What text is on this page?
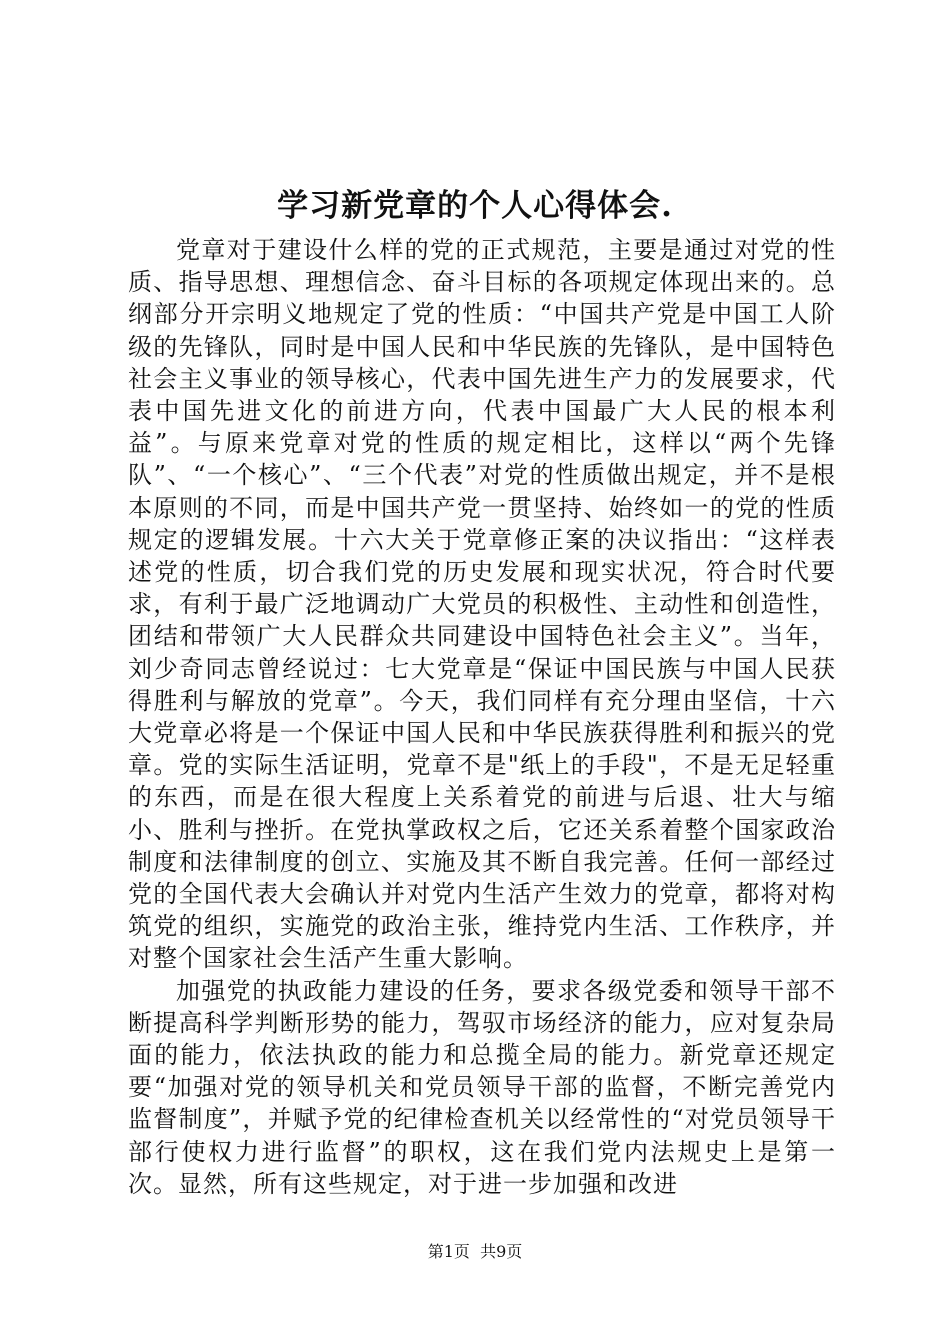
学习新党章的个人心得体会.

党章对于建设什么样的党的正式规范，主要是通过对党的性质、指导思想、理想信念、奋斗目标的各项规定体现出来的。总纲部分开宗明义地规定了党的性质：“中国共产党是中国工人阶级的先锋队，同时是中国人民和中华民族的先锋队，是中国特色社会主义事业的领导核心，代表中国先进生产力的发展要求，代表中国先进文化的前进方向，代表中国最广大人民的根本利益”。与原来党章对党的性质的规定相比，这样以“两个先锋队”、“一个核心”、“三个代表”对党的性质做出规定，并不是根本原则的不同，而是中国共产党一贯坚持、始终如一的党的性质规定的逻辑发展。十六大关于党章修正案的决议指出：“这样表述党的性质，切合我们党的历史发展和现实状况，符合时代要求，有利于最广泛地调动广大党员的积极性、主动性和创造性，团结和带领广大人民群众共同建设中国特色社会主义”。当年，刘少奇同志曾经说过：七大党章是“保证中国民族与中国人民获得胜利与解放的党章”。今天，我们同样有充分理由坚信，十六大党章必将是一个保证中国人民和中华民族获得胜利和振兴的党章。党的实际生活证明，党章不是"纸上的手段"，不是无足轻重的东西，而是在很大程度上关系着党的前进与后退、壮大与缩小、胜利与挫折。在党执掌政权之后，它还关系着整个国家政治制度和法律制度的创立、实施及其不断自我完善。任何一部经过党的全国代表大会确认并对党内生活产生效力的党章，都将对构筑党的组织，实施党的政治主张，维持党内生活、工作秩序，并对整个国家社会生活产生重大影响。

加强党的执政能力建设的任务，要求各级党委和领导干部不断提高科学判断形势的能力，驾驭市场经济的能力，应对复杂局面的能力，依法执政的能力和总揽全局的能力。新党章还规定要“加强对党的领导机关和党员领导干部的监督，不断完善党内监督制度”，并赋予党的纪律检查机关以经常性的“对党员领导干部行使权力进行监督”的职权，这在我们党内法规史上是第一次。显然，所有这些规定，对于进一步加强和改进

第1页  共9页
